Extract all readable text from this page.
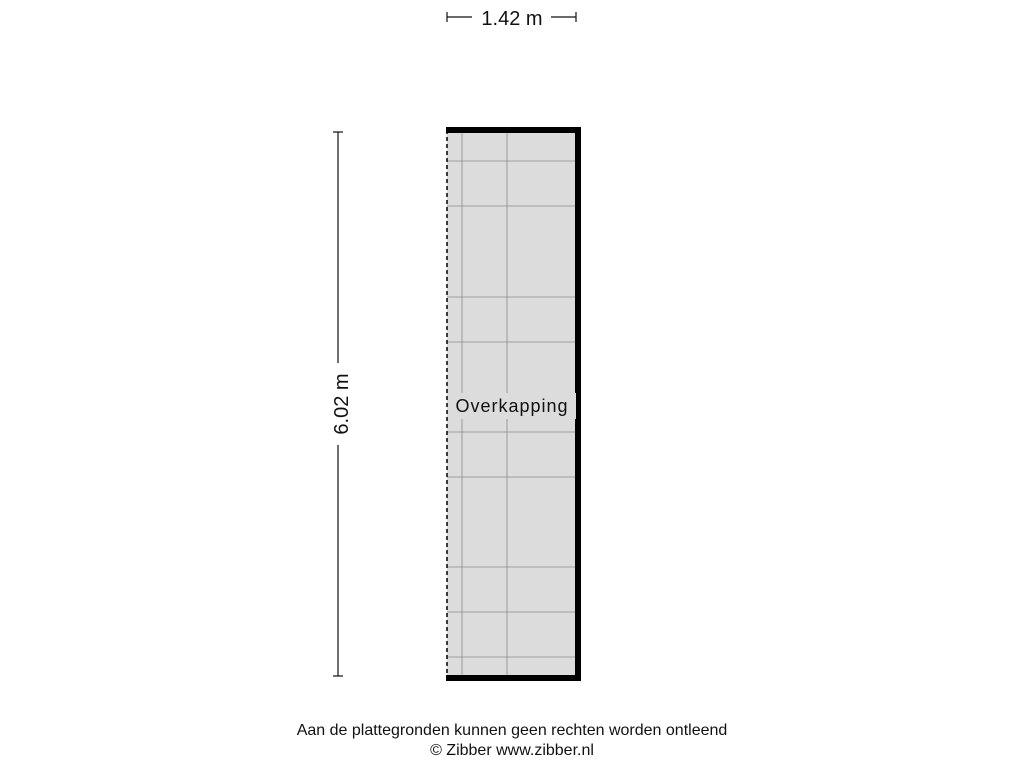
1.42 m
6.02 m	Overkapping
Aan de plattegronden kunnen geen rechten worden ontleend
© Zibber www.zibber.nl
